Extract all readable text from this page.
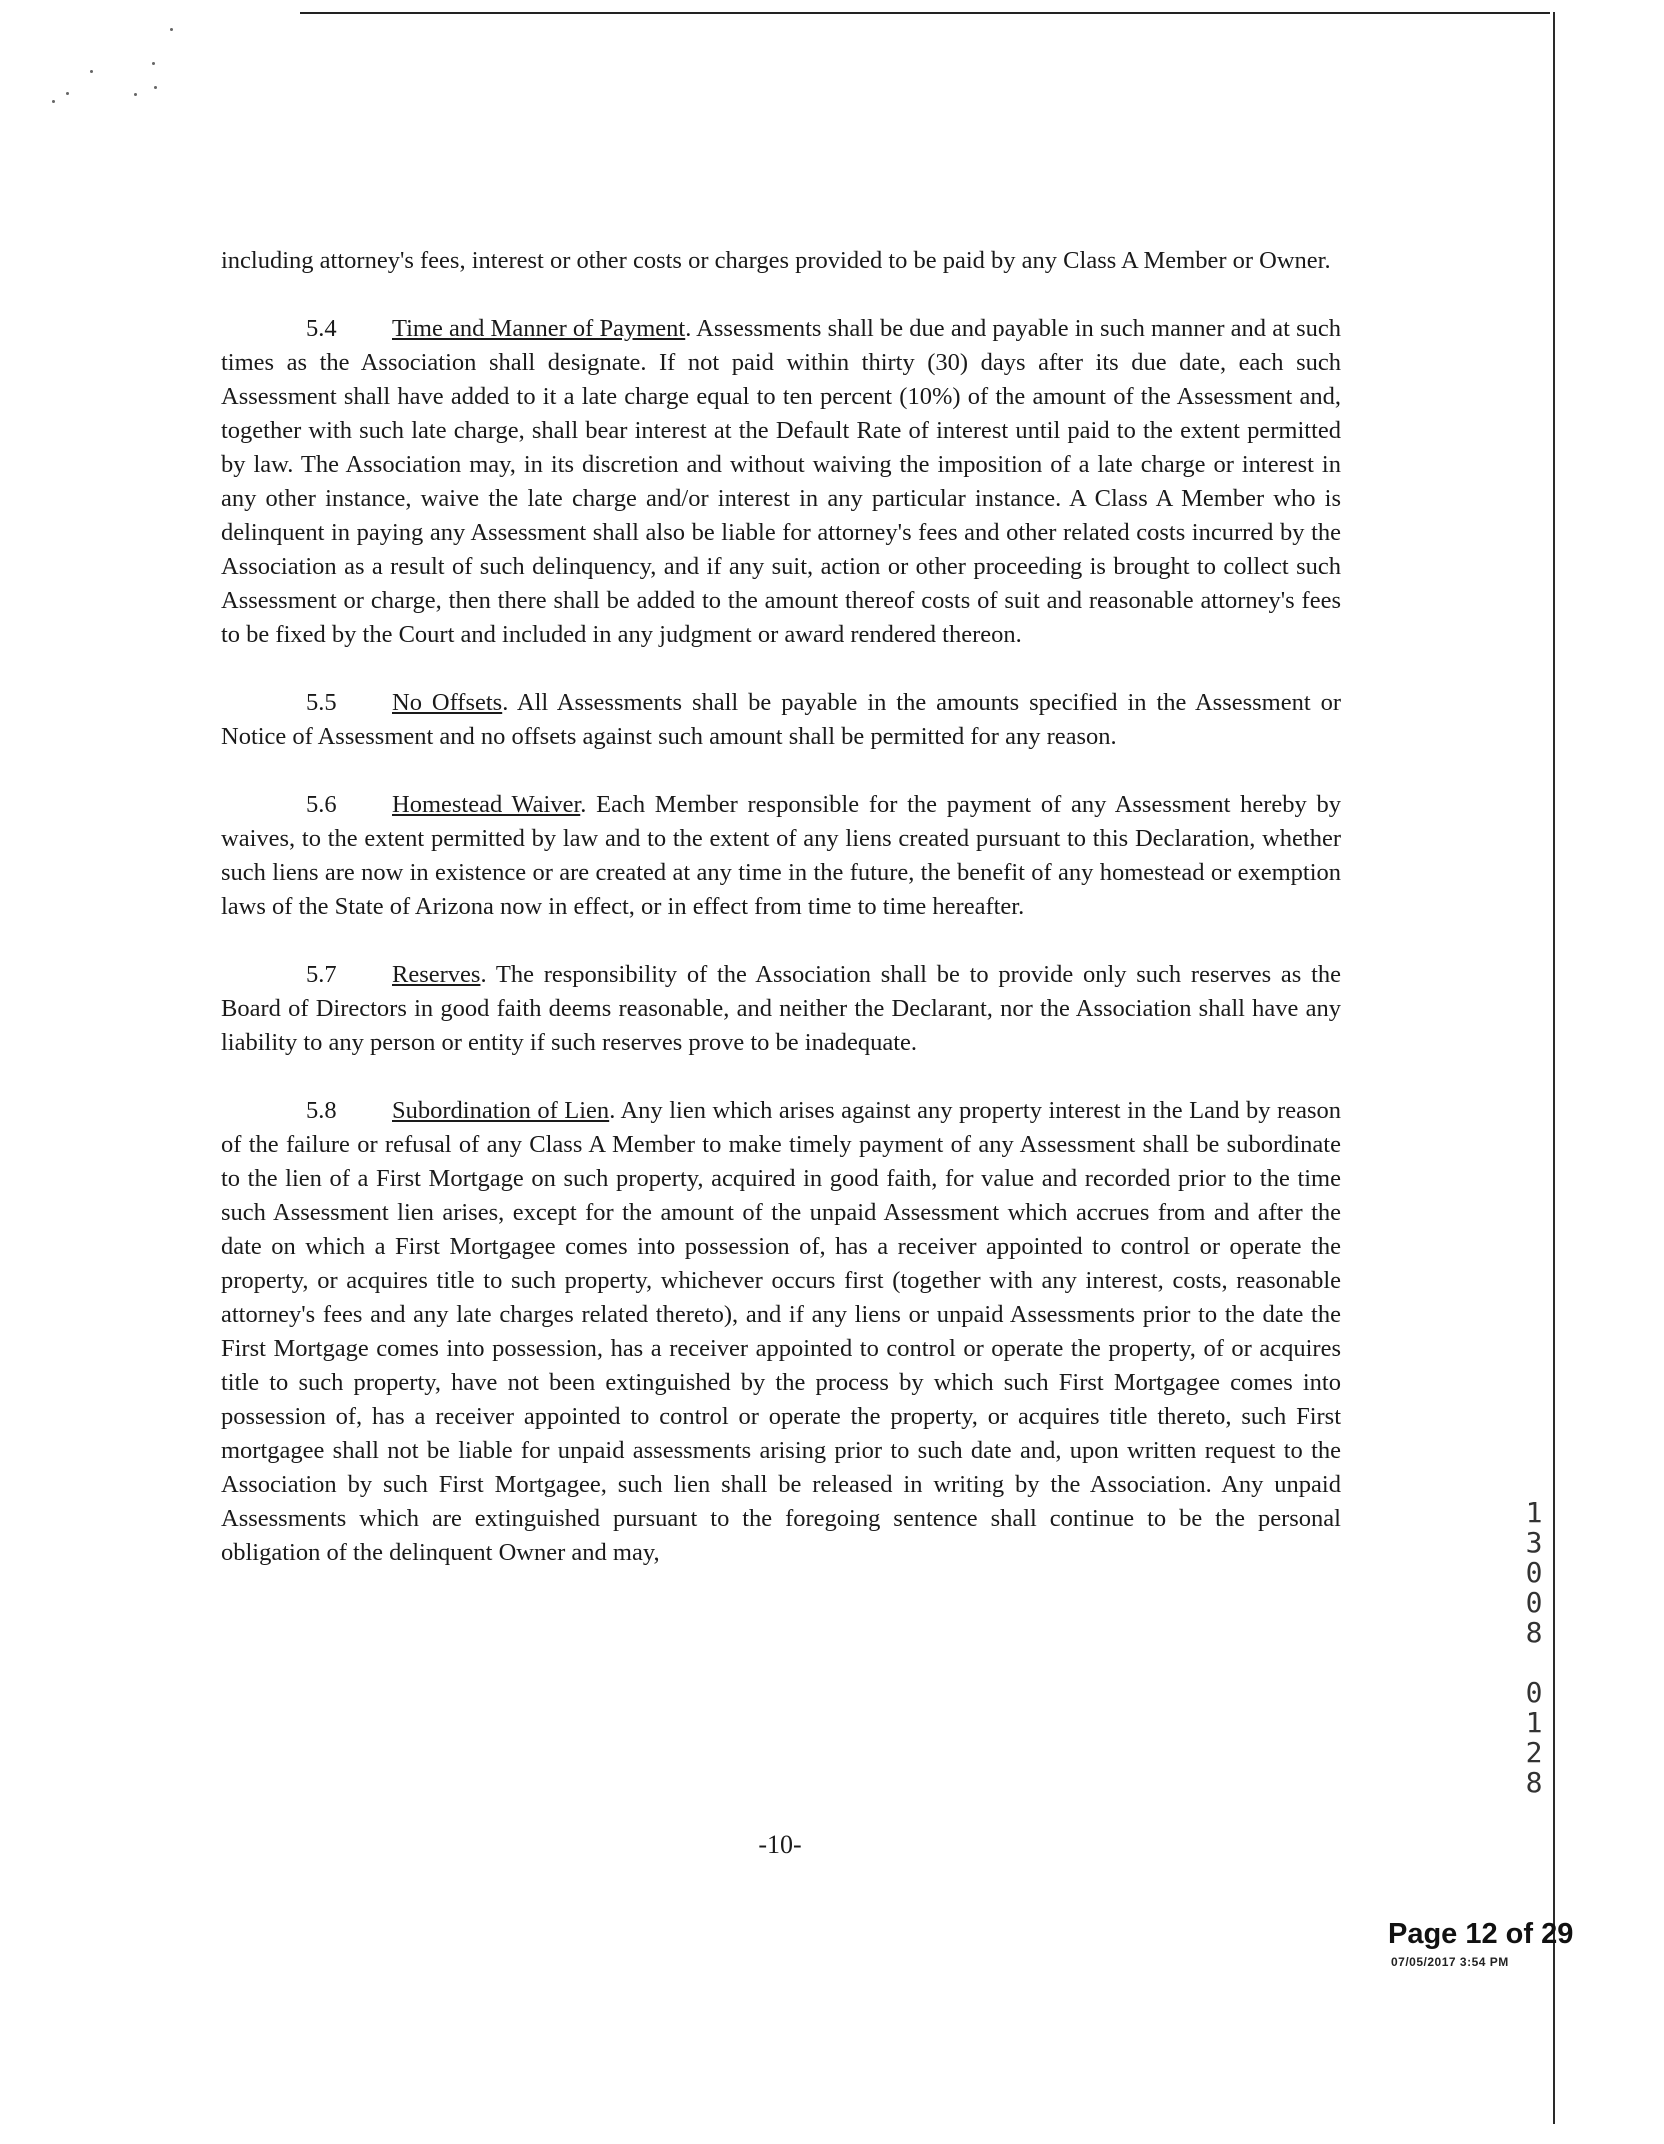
including attorney's fees, interest or other costs or charges provided to be paid by any Class A Member or Owner.

5.4 Time and Manner of Payment. Assessments shall be due and payable in such manner and at such times as the Association shall designate. If not paid within thirty (30) days after its due date, each such Assessment shall have added to it a late charge equal to ten percent (10%) of the amount of the Assessment and, together with such late charge, shall bear interest at the Default Rate of interest until paid to the extent permitted by law. The Association may, in its discretion and without waiving the imposition of a late charge or interest in any other instance, waive the late charge and/or interest in any particular instance. A Class A Member who is delinquent in paying any Assessment shall also be liable for attorney's fees and other related costs incurred by the Association as a result of such delinquency, and if any suit, action or other proceeding is brought to collect such Assessment or charge, then there shall be added to the amount thereof costs of suit and reasonable attorney's fees to be fixed by the Court and included in any judgment or award rendered thereon.

5.5 No Offsets. All Assessments shall be payable in the amounts specified in the Assessment or Notice of Assessment and no offsets against such amount shall be permitted for any reason.

5.6 Homestead Waiver. Each Member responsible for the payment of any Assessment hereby by waives, to the extent permitted by law and to the extent of any liens created pursuant to this Declaration, whether such liens are now in existence or are created at any time in the future, the benefit of any homestead or exemption laws of the State of Arizona now in effect, or in effect from time to time hereafter.

5.7 Reserves. The responsibility of the Association shall be to provide only such reserves as the Board of Directors in good faith deems reasonable, and neither the Declarant, nor the Association shall have any liability to any person or entity if such reserves prove to be inadequate.

5.8 Subordination of Lien. Any lien which arises against any property interest in the Land by reason of the failure or refusal of any Class A Member to make timely payment of any Assessment shall be subordinate to the lien of a First Mortgage on such property, acquired in good faith, for value and recorded prior to the time such Assessment lien arises, except for the amount of the unpaid Assessment which accrues from and after the date on which a First Mortgagee comes into possession of, has a receiver appointed to control or operate the property, or acquires title to such property, whichever occurs first (together with any interest, costs, reasonable attorney's fees and any late charges related thereto), and if any liens or unpaid Assessments prior to the date the First Mortgage comes into possession, has a receiver appointed to control or operate the property, of or acquires title to such property, have not been extinguished by the process by which such First Mortgagee comes into possession of, has a receiver appointed to control or operate the property, or acquires title thereto, such First mortgagee shall not be liable for unpaid assessments arising prior to such date and, upon written request to the Association by such First Mortgagee, such lien shall be released in writing by the Association. Any unpaid Assessments which are extinguished pursuant to the foregoing sentence shall continue to be the personal obligation of the delinquent Owner and may,

-10-
1
3
0
0
8
0
1
2
8
Page 12 of 29
07/05/2017 3:54 PM
